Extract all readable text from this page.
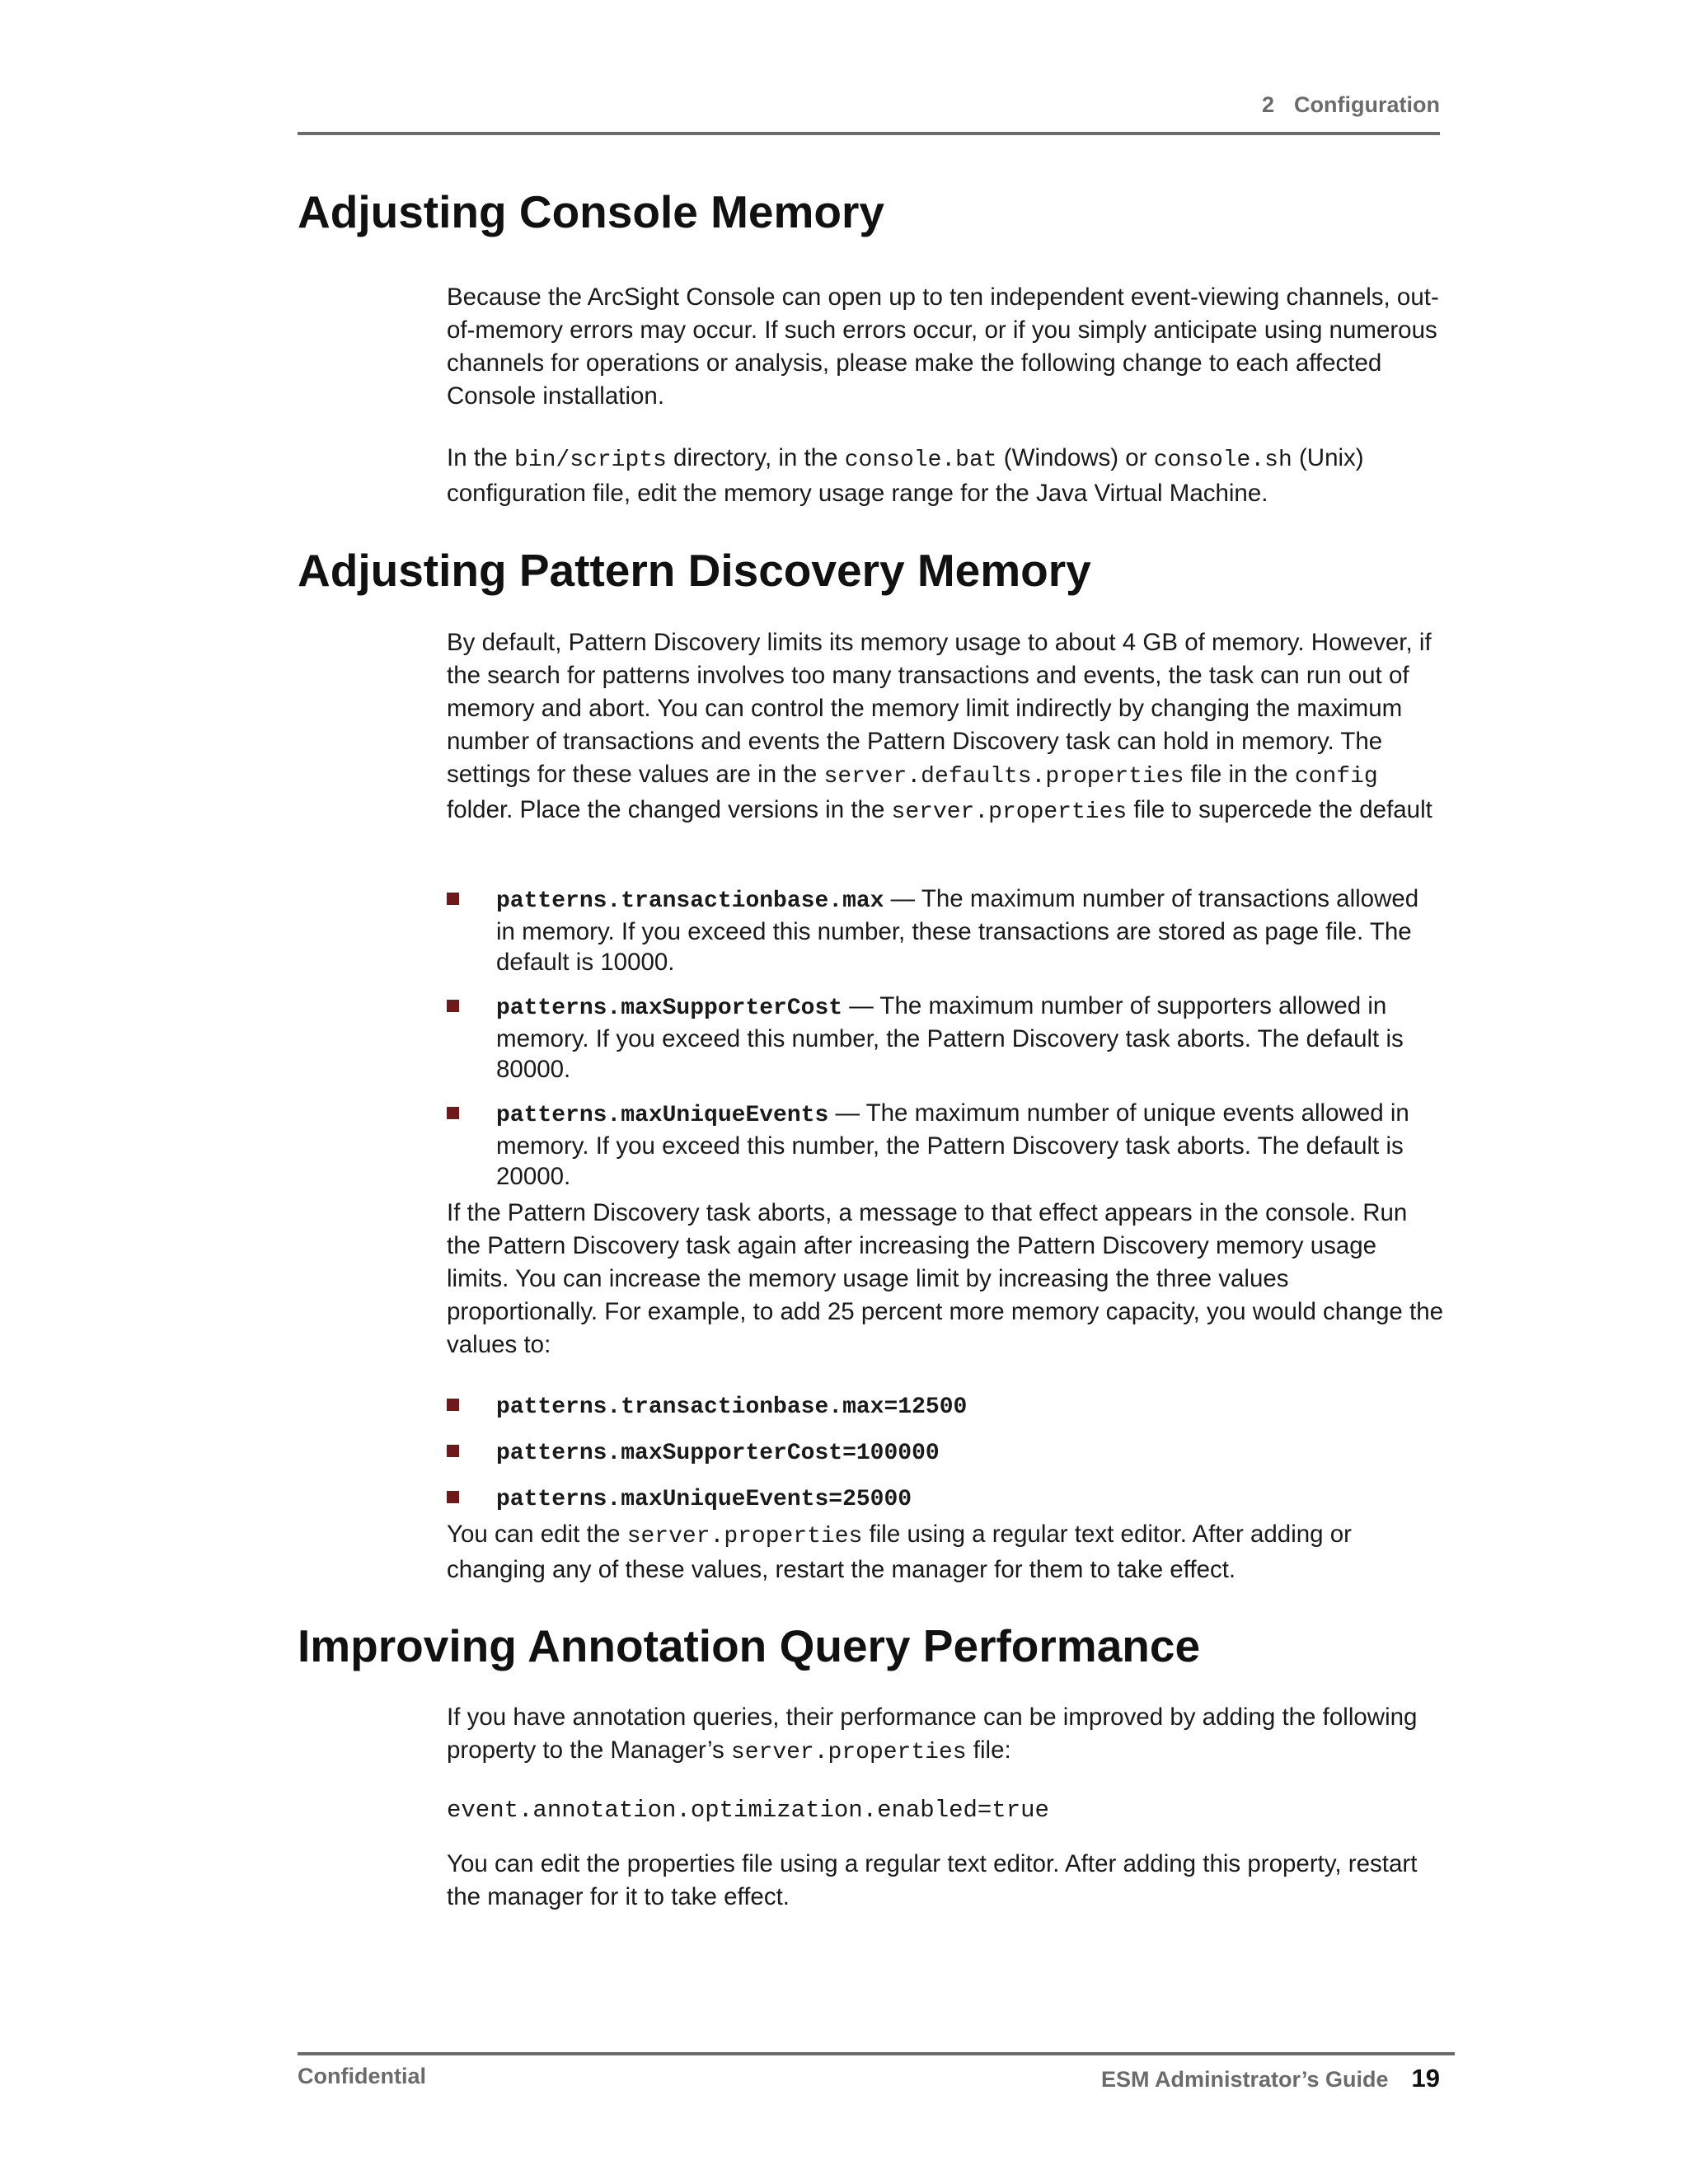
2 Configuration
Adjusting Console Memory

Because the ArcSight Console can open up to ten independent event-viewing channels, out-of-memory errors may occur. If such errors occur, or if you simply anticipate using numerous channels for operations or analysis, please make the following change to each affected Console installation.

In the bin/scripts directory, in the console.bat (Windows) or console.sh (Unix) configuration file, edit the memory usage range for the Java Virtual Machine.

Adjusting Pattern Discovery Memory

By default, Pattern Discovery limits its memory usage to about 4 GB of memory. However, if the search for patterns involves too many transactions and events, the task can run out of memory and abort. You can control the memory limit indirectly by changing the maximum number of transactions and events the Pattern Discovery task can hold in memory. The settings for these values are in the server.defaults.properties file in the config folder. Place the changed versions in the server.properties file to supercede the default

patterns.transactionbase.max — The maximum number of transactions allowed in memory. If you exceed this number, these transactions are stored as page file. The default is 10000.
patterns.maxSupporterCost — The maximum number of supporters allowed in memory. If you exceed this number, the Pattern Discovery task aborts. The default is 80000.
patterns.maxUniqueEvents — The maximum number of unique events allowed in memory. If you exceed this number, the Pattern Discovery task aborts. The default is 20000.

If the Pattern Discovery task aborts, a message to that effect appears in the console. Run the Pattern Discovery task again after increasing the Pattern Discovery memory usage limits. You can increase the memory usage limit by increasing the three values proportionally. For example, to add 25 percent more memory capacity, you would change the values to:

patterns.transactionbase.max=12500
patterns.maxSupporterCost=100000
patterns.maxUniqueEvents=25000

You can edit the server.properties file using a regular text editor. After adding or changing any of these values, restart the manager for them to take effect.

Improving Annotation Query Performance

If you have annotation queries, their performance can be improved by adding the following property to the Manager’s server.properties file:

event.annotation.optimization.enabled=true

You can edit the properties file using a regular text editor. After adding this property, restart the manager for it to take effect.

Confidential	ESM Administrator’s Guide 19
